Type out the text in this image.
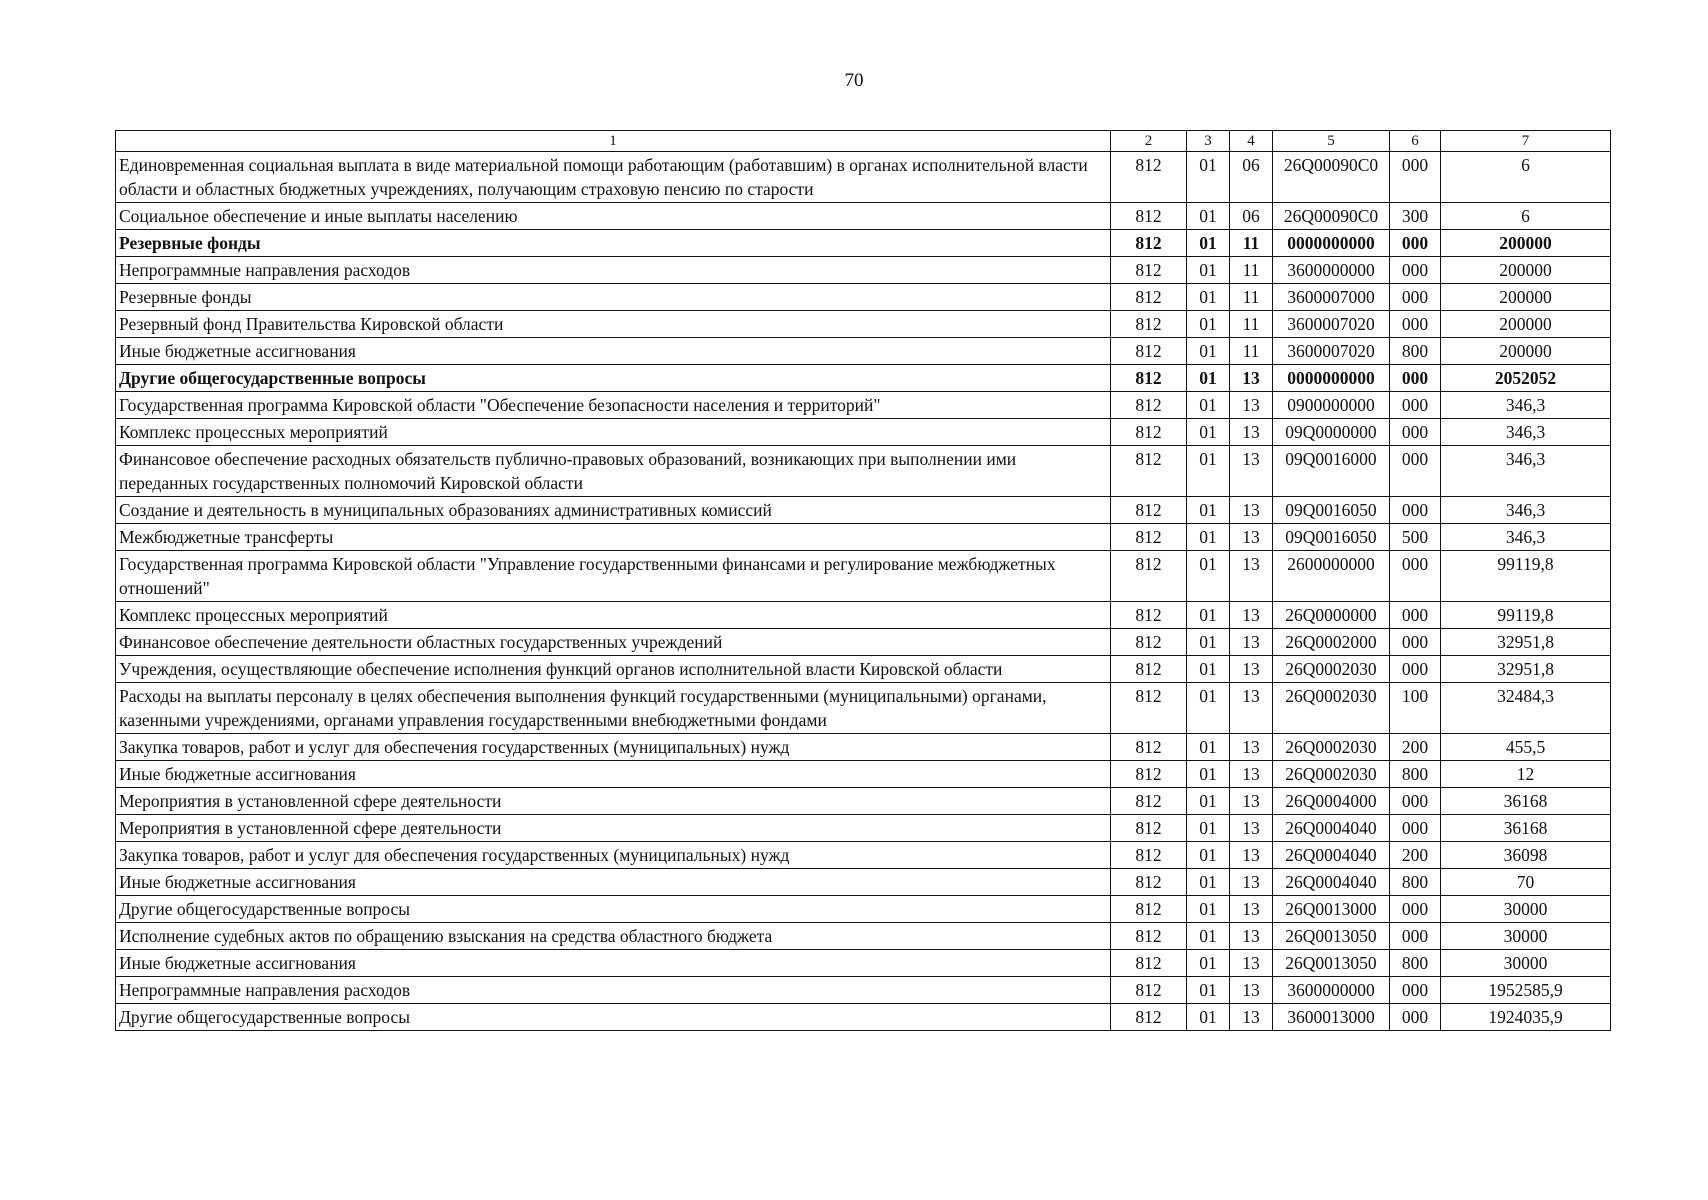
70
1	2	3	4	5	6	7
Единовременная социальная выплата в виде материальной помощи работающим (работавшим) в органах исполнительной власти области и областных бюджетных учреждениях, получающим страховую пенсию по старости	812	01	06	26Q00090C0	000	6
Социальное обеспечение и иные выплаты населению	812	01	06	26Q00090C0	300	6
Резервные фонды	812	01	11	0000000000	000	200000
Непрограммные направления расходов	812	01	11	3600000000	000	200000
Резервные фонды	812	01	11	3600007000	000	200000
Резервный фонд Правительства Кировской области	812	01	11	3600007020	000	200000
Иные бюджетные ассигнования	812	01	11	3600007020	800	200000
Другие общегосударственные вопросы	812	01	13	0000000000	000	2052052
Государственная программа Кировской области "Обеспечение безопасности населения и территорий"	812	01	13	0900000000	000	346,3
Комплекс процессных мероприятий	812	01	13	09Q0000000	000	346,3
Финансовое обеспечение расходных обязательств публично-правовых образований, возникающих при выполнении ими переданных государственных полномочий Кировской области	812	01	13	09Q0016000	000	346,3
Создание и деятельность в муниципальных образованиях административных комиссий	812	01	13	09Q0016050	000	346,3
Межбюджетные трансферты	812	01	13	09Q0016050	500	346,3
Государственная программа Кировской области "Управление государственными финансами и регулирование межбюджетных отношений"	812	01	13	2600000000	000	99119,8
Комплекс процессных мероприятий	812	01	13	26Q0000000	000	99119,8
Финансовое обеспечение деятельности областных государственных учреждений	812	01	13	26Q0002000	000	32951,8
Учреждения, осуществляющие обеспечение исполнения функций органов исполнительной власти Кировской области	812	01	13	26Q0002030	000	32951,8
Расходы на выплаты персоналу в целях обеспечения выполнения функций государственными (муниципальными) органами, казенными учреждениями, органами управления государственными внебюджетными фондами	812	01	13	26Q0002030	100	32484,3
Закупка товаров, работ и услуг для обеспечения государственных (муниципальных) нужд	812	01	13	26Q0002030	200	455,5
Иные бюджетные ассигнования	812	01	13	26Q0002030	800	12
Мероприятия в установленной сфере деятельности	812	01	13	26Q0004000	000	36168
Мероприятия в установленной сфере деятельности	812	01	13	26Q0004040	000	36168
Закупка товаров, работ и услуг для обеспечения государственных (муниципальных) нужд	812	01	13	26Q0004040	200	36098
Иные бюджетные ассигнования	812	01	13	26Q0004040	800	70
Другие общегосударственные вопросы	812	01	13	26Q0013000	000	30000
Исполнение судебных актов по обращению взыскания на средства областного бюджета	812	01	13	26Q0013050	000	30000
Иные бюджетные ассигнования	812	01	13	26Q0013050	800	30000
Непрограммные направления расходов	812	01	13	3600000000	000	1952585,9
Другие общегосударственные вопросы	812	01	13	3600013000	000	1924035,9
